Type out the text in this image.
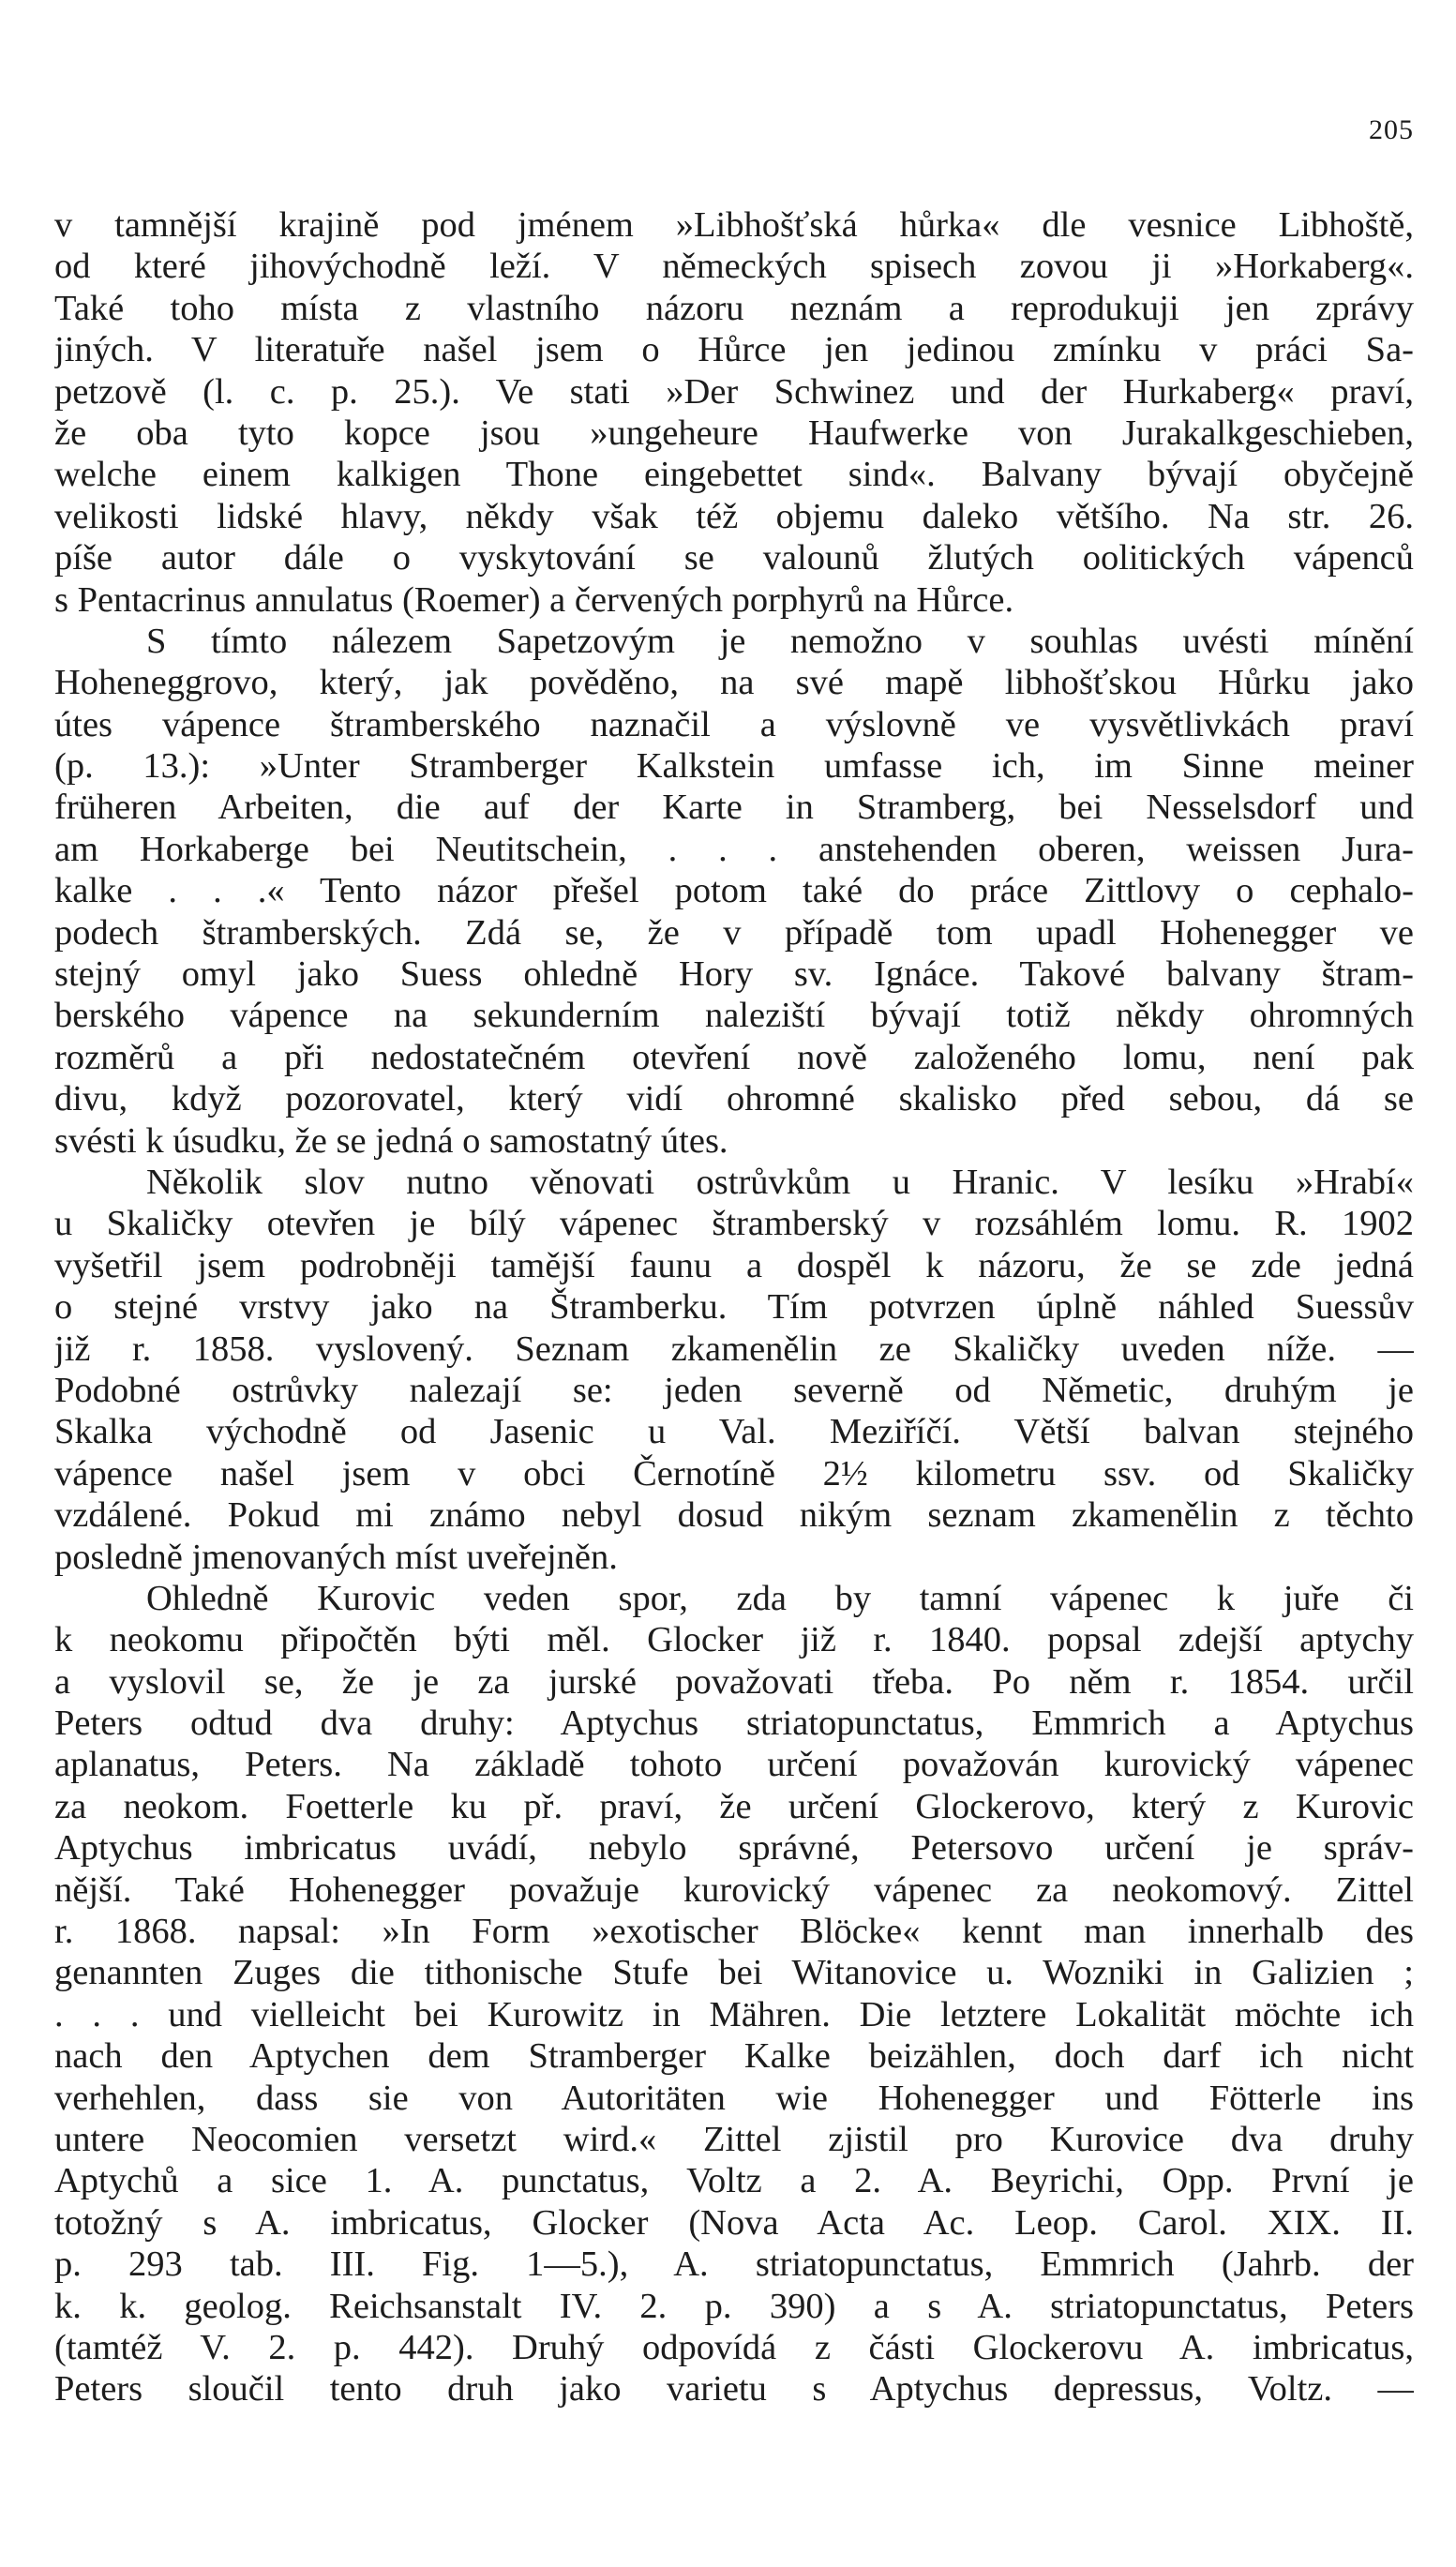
205
v tamnější krajině pod jménem »Libhošťská hůrka« dle vesnice Libhoště,
od které jihovýchodně leží. V německých spisech zovou ji »Horkaberg«.
Také toho místa z vlastního názoru neznám a reprodukuji jen zprávy
jiných. V literatuře našel jsem o Hůrce jen jedinou zmínku v práci Sa-
petzově (l. c. p. 25.). Ve stati »Der Schwinez und der Hurkaberg« praví,
že oba tyto kopce jsou »ungeheure Haufwerke von Jurakalkgeschieben,
welche einem kalkigen Thone eingebettet sind«. Balvany bývají obyčejně
velikosti lidské hlavy, někdy však též objemu daleko většího. Na str. 26.
píše autor dále o vyskytování se valounů žlutých oolitických vápenců
s Pentacrinus annulatus (Roemer) a červených porphyrů na Hůrce.
S tímto nálezem Sapetzovým je nemožno v souhlas uvésti mínění
Hoheneggrovo, který, jak pověděno, na své mapě libhošťskou Hůrku jako
útes vápence štramberského naznačil a výslovně ve vysvětlivkách praví
(p. 13.): »Unter Stramberger Kalkstein umfasse ich, im Sinne meiner
früheren Arbeiten, die auf der Karte in Stramberg, bei Nesselsdorf und
am Horkaberge bei Neutitschein, . . . anstehenden oberen, weissen Jura-
kalke . . .« Tento názor přešel potom také do práce Zittlovy o cephalo-
podech štramberských. Zdá se, že v případě tom upadl Hohenegger ve
stejný omyl jako Suess ohledně Hory sv. Ignáce. Takové balvany štram-
berského vápence na sekunderním naleziští bývají totiž někdy ohromných
rozměrů a při nedostatečném otevření nově založeného lomu, není pak
divu, když pozorovatel, který vidí ohromné skalisko před sebou, dá se
svésti k úsudku, že se jedná o samostatný útes.
Několik slov nutno věnovati ostrůvkům u Hranic. V lesíku »Hrabí«
u Skaličky otevřen je bílý vápenec štramberský v rozsáhlém lomu. R. 1902
vyšetřil jsem podrobněji tamější faunu a dospěl k názoru, že se zde jedná
o stejné vrstvy jako na Štramberku. Tím potvrzen úplně náhled Suessův
již r. 1858. vyslovený. Seznam zkamenělin ze Skaličky uveden níže. —
Podobné ostrůvky nalezají se: jeden severně od Němetic, druhým je
Skalka východně od Jasenic u Val. Meziříčí. Větší balvan stejného
vápence našel jsem v obci Černotíně 2½ kilometru ssv. od Skaličky
vzdálené. Pokud mi známo nebyl dosud nikým seznam zkamenělin z těchto
posledně jmenovaných míst uveřejněn.
Ohledně Kurovic veden spor, zda by tamní vápenec k juře či
k neokomu připočtěn býti měl. Glocker již r. 1840. popsal zdejší aptychy
a vyslovil se, že je za jurské považovati třeba. Po něm r. 1854. určil
Peters odtud dva druhy: Aptychus striatopunctatus, Emmrich a Aptychus
aplanatus, Peters. Na základě tohoto určení považován kurovický vápenec
za neokom. Foetterle ku př. praví, že určení Glockerovo, který z Kurovic
Aptychus imbricatus uvádí, nebylo správné, Petersovo určení je správ-
nější. Také Hohenegger považuje kurovický vápenec za neokomový. Zittel
r. 1868. napsal: »In Form »exotischer Blöcke« kennt man innerhalb des
genannten Zuges die tithonische Stufe bei Witanovice u. Wozniki in Galizien ;
. . . und vielleicht bei Kurowitz in Mähren. Die letztere Lokalität möchte ich
nach den Aptychen dem Stramberger Kalke beizählen, doch darf ich nicht
verhehlen, dass sie von Autoritäten wie Hohenegger und Fötterle ins
untere Neocomien versetzt wird.« Zittel zjistil pro Kurovice dva druhy
Aptychů a sice 1. A. punctatus, Voltz a 2. A. Beyrichi, Opp. První je
totožný s A. imbricatus, Glocker (Nova Acta Ac. Leop. Carol. XIX. II.
p. 293 tab. III. Fig. 1—5.), A. striatopunctatus, Emmrich (Jahrb. der
k. k. geolog. Reichsanstalt IV. 2. p. 390) a s A. striatopunctatus, Peters
(tamtéž V. 2. p. 442). Druhý odpovídá z části Glockerovu A. imbricatus,
Peters sloučil tento druh jako varietu s Aptychus depressus, Voltz. —
